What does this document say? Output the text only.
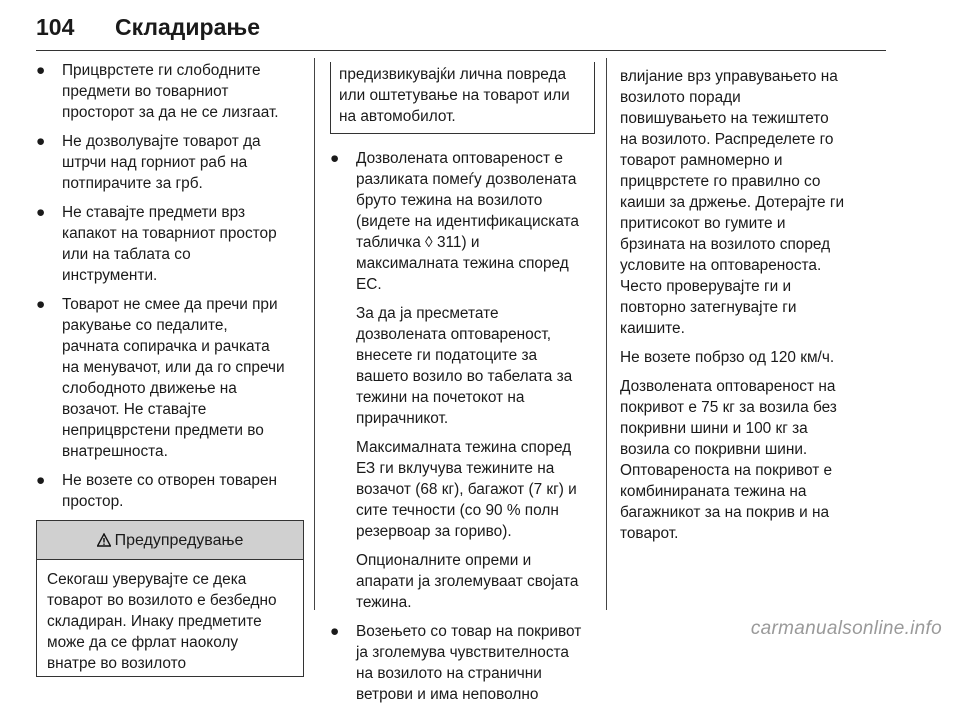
104 Складирање
● Прицврстете ги слободните
предмети во товарниот
просторот за да не се лизгаат.
● Не дозволувајте товарот да
штрчи над горниот раб на
потпирачите за грб.
● Не ставајте предмети врз
капакот на товарниот простор
или на таблата со
инструменти.
● Товарот не смее да пречи при
ракување со педалите,
рачната сопирачка и рачката
на менувачот, или да го спречи
слободното движење на
возачот. Не ставајте
неприцврстени предмети во
внатрешноста.
● Не возете со отворен товарен
простор.
Предупредување
Секогаш уверувајте се дека
товарот во возилото е безбедно
складиран. Инаку предметите
може да се фрлат наоколу
внатре во возилото
предизвикувајќи лична повреда
или оштетување на товарот или
на автомобилот.
● Дозволената оптовареност е
разликата помеѓу дозволената
бруто тежина на возилото
(видете на идентификациската
табличка ◊ 311) и
максималната тежина според
ЕС.
За да ја пресметате
дозволената оптовареност,
внесете ги податоците за
вашето возило во табелата за
тежини на почетокот на
прирачникот.
Максималната тежина според
ЕЗ ги вклучува тежините на
возачот (68 кг), багажот (7 кг) и
сите течности (со 90 % полн
резервоар за гориво).
Опционалните опреми и
апарати ја зголемуваат својата
тежина.
● Возењето со товар на покривот
ја зголемува чувствителноста
на возилото на странични
ветрови и има неповолно
влијание врз управувањето на
возилото поради
повишувањето на тежиштето
на возилото. Распределете го
товарот рамномерно и
прицврстете го правилно со
каиши за држење. Дотерајте ги
притисокот во гумите и
брзината на возилото според
условите на оптовареноста.
Често проверувајте ги и
повторно затегнувајте ги
каишите.
Не возете побрзо од 120 км/ч.
Дозволената оптовареност на
покривот е 75 кг за возила без
покривни шини и 100 кг за
возила со покривни шини.
Оптовареноста на покривот е
комбинираната тежина на
багажникот за на покрив и на
товарот.
carmanualsonline.info
